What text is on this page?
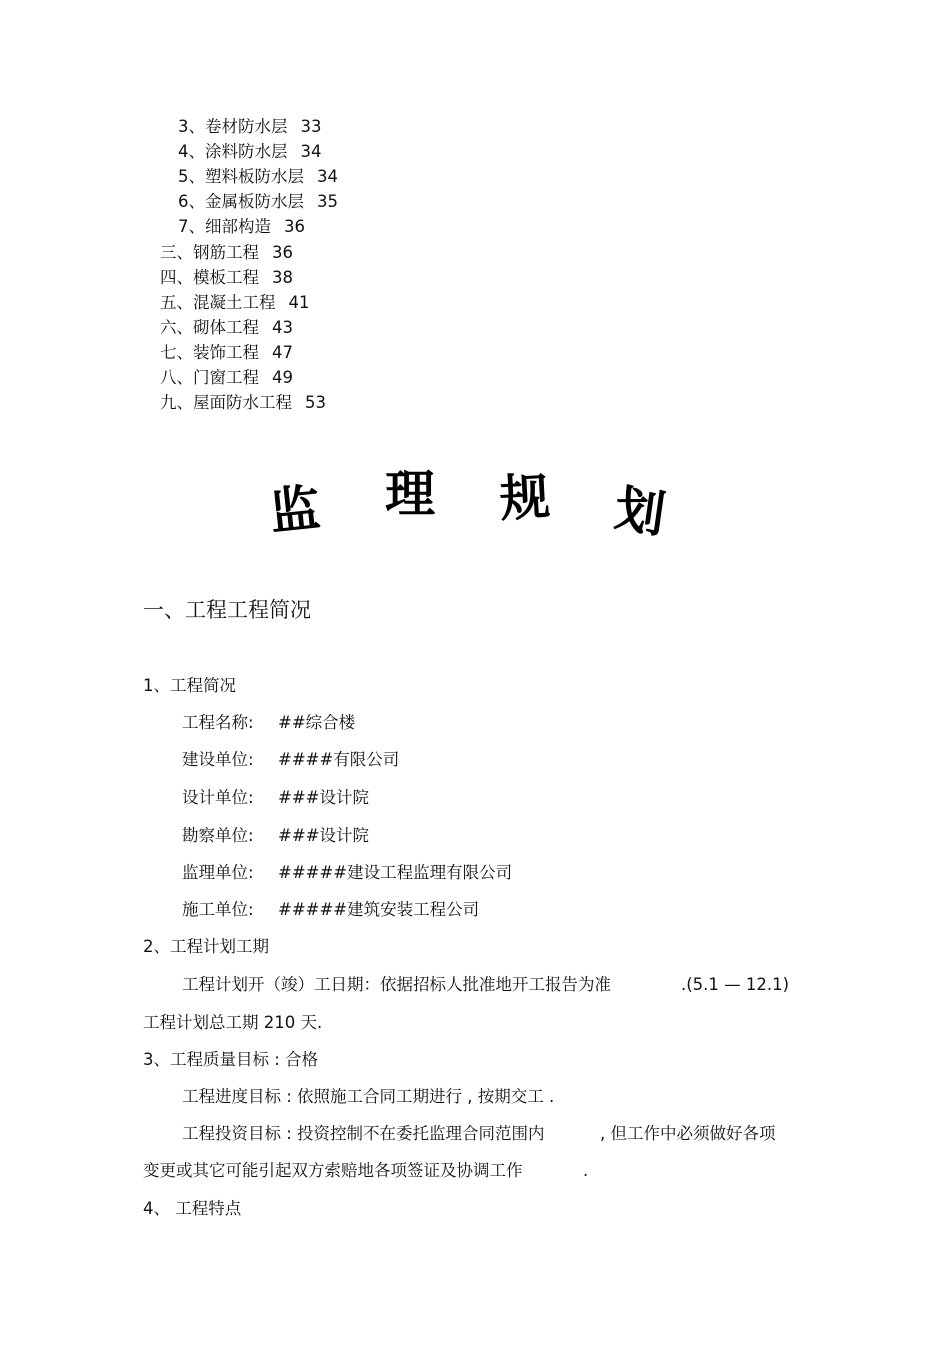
3、卷材防水层 33
4、涂料防水层 34
5、塑料板防水层 34
6、金属板防水层 35
7、细部构造 36
三、钢筋工程 36
四、模板工程 38
五、混凝土工程 41
六、砌体工程 43
七、装饰工程 47
八、门窗工程 49
九、屋面防水工程 53
监 理 规 划
一、工程工程简况
1、工程简况
工程名称: ##综合楼
建设单位: ####有限公司
设计单位: ###设计院
勘察单位: ###设计院
监理单位: #####建设工程监理有限公司
施工单位: #####建筑安装工程公司
2、工程计划工期
工程计划开（竣）工日期：依据招标人批准地开工报告为准	.(5.1 — 12.1)
工程计划总工期 210 天.
3、工程质量目标 : 合格
工程进度目标 : 依照施工合同工期进行 , 按期交工 .
工程投资目标 : 投资控制不在委托监理合同范围内	, 但工作中必须做好各项
变更或其它可能引起双方索赔地各项签证及协调工作	.
4、 工程特点
